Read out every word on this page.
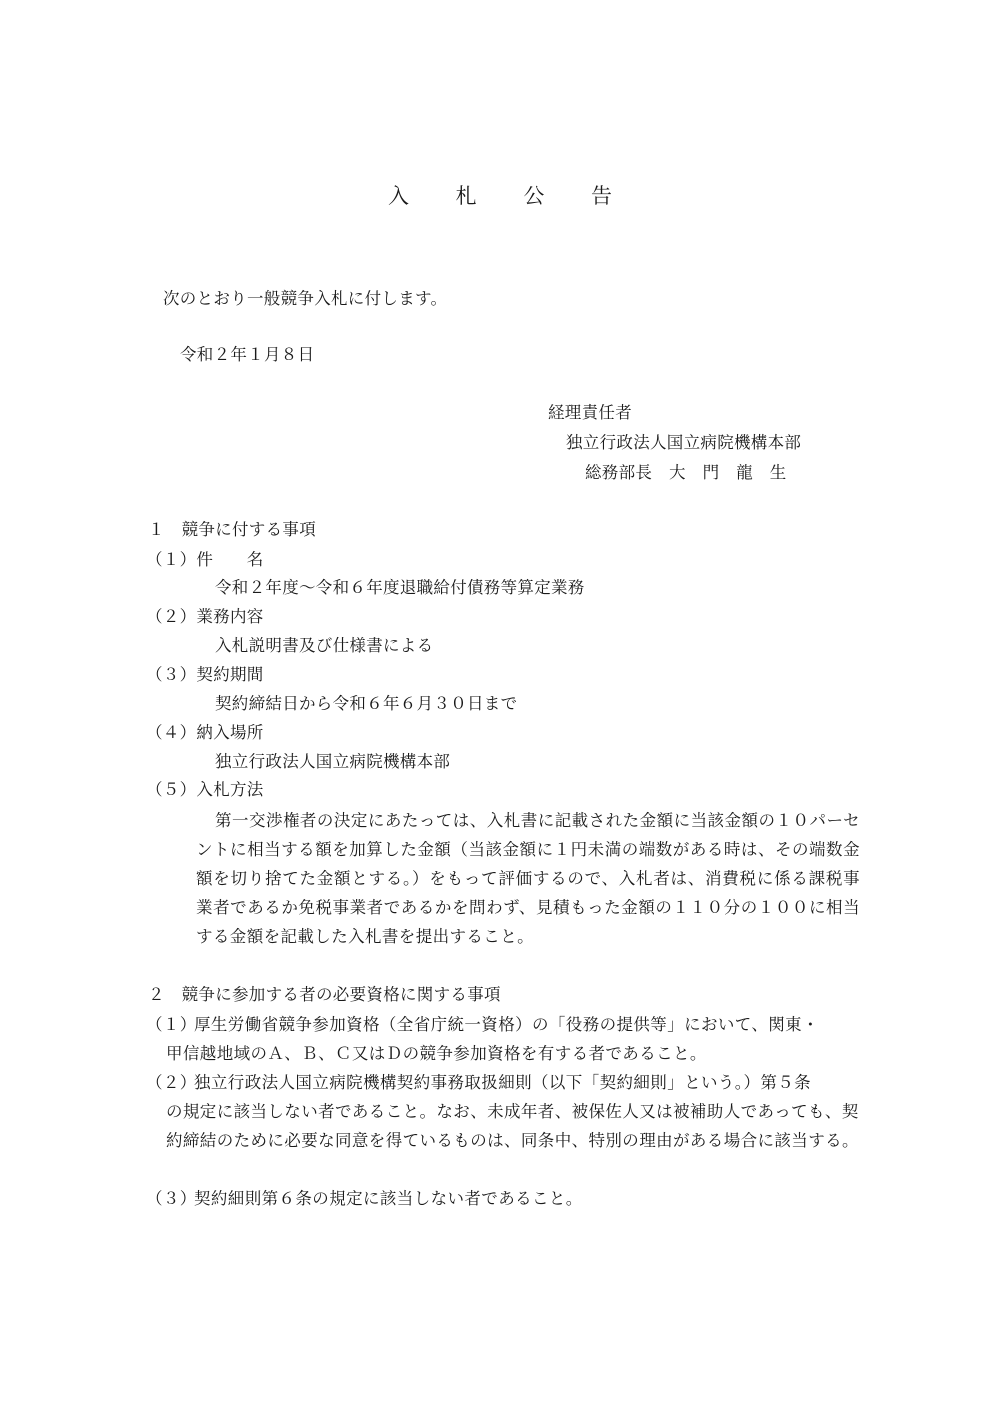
入 札 公 告
次のとおり一般競争入札に付します。
令和２年１月８日
経理責任者
独立行政法人国立病院機構本部
総務部長　大　門　龍　生
１　競争に付する事項
（１）件　　名
令和２年度～令和６年度退職給付債務等算定業務
（２）業務内容
入札説明書及び仕様書による
（３）契約期間
契約締結日から令和６年６月３０日まで
（４）納入場所
独立行政法人国立病院機構本部
（５）入札方法
第一交渉権者の決定にあたっては、入札書に記載された金額に当該金額の１０パーセントに相当する額を加算した金額（当該金額に１円未満の端数がある時は、その端数金額を切り捨てた金額とする。）をもって評価するので、入札者は、消費税に係る課税事業者であるか免税事業者であるかを問わず、見積もった金額の１１０分の１００に相当する金額を記載した入札書を提出すること。
２　競争に参加する者の必要資格に関する事項
（１）厚生労働省競争参加資格（全省庁統一資格）の「役務の提供等」において、関東・
甲信越地域のＡ、Ｂ、Ｃ又はＤの競争参加資格を有する者であること。
（２）独立行政法人国立病院機構契約事務取扱細則（以下「契約細則」という。）第５条
の規定に該当しない者であること。なお、未成年者、被保佐人又は被補助人であっても、契約締結のために必要な同意を得ているものは、同条中、特別の理由がある場合に該当する。
（３）契約細則第６条の規定に該当しない者であること。
